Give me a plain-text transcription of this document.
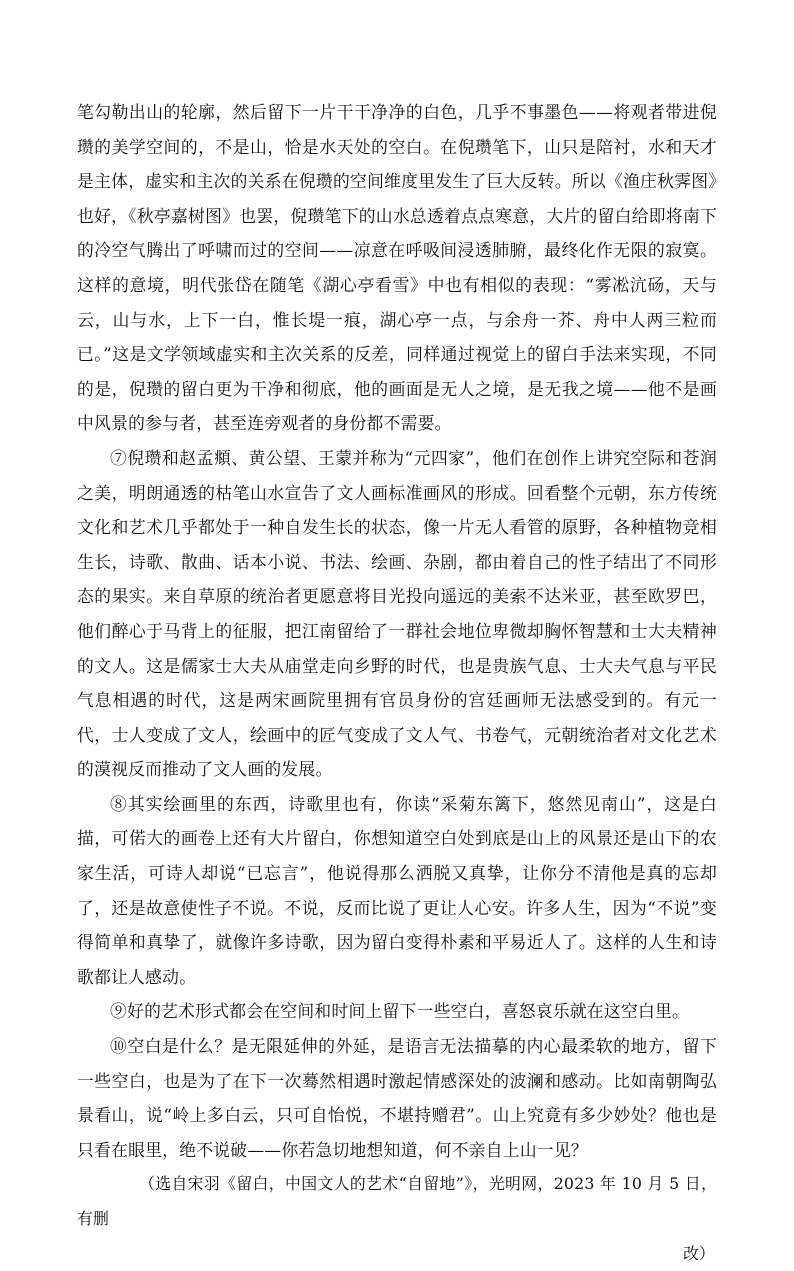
笔勾勒出山的轮廓，然后留下一片干干净净的白色，几乎不事墨色——将观者带进倪瓒的美学空间的，不是山，恰是水天处的空白。在倪瓒笔下，山只是陪衬，水和天才是主体，虚实和主次的关系在倪瓒的空间维度里发生了巨大反转。所以《渔庄秋霁图》也好，《秋亭嘉树图》也罢，倪瓒笔下的山水总透着点点寒意，大片的留白给即将南下的冷空气腾出了呼啸而过的空间——凉意在呼吸间浸透肺腑，最终化作无限的寂寞。这样的意境，明代张岱在随笔《湖心亭看雪》中也有相似的表现：“雾凇沆砀，天与云，山与水，上下一白，惟长堤一痕，湖心亭一点，与余舟一芥、舟中人两三粒而已。”这是文学领域虚实和主次关系的反差，同样通过视觉上的留白手法来实现，不同的是，倪瓒的留白更为干净和彻底，他的画面是无人之境，是无我之境——他不是画中风景的参与者，甚至连旁观者的身份都不需要。

⑦倪瓒和赵孟頫、黄公望、王蒙并称为“元四家”，他们在创作上讲究空际和苍润之美，明朗通透的枯笔山水宣告了文人画标准画风的形成。回看整个元朝，东方传统文化和艺术几乎都处于一种自发生长的状态，像一片无人看管的原野，各种植物竞相生长，诗歌、散曲、话本小说、书法、绘画、杂剧，都由着自己的性子结出了不同形态的果实。来自草原的统治者更愿意将目光投向遥远的美索不达米亚，甚至欧罗巴，他们醉心于马背上的征服，把江南留给了一群社会地位卑微却胸怀智慧和士大夫精神的文人。这是儒家士大夫从庙堂走向乡野的时代，也是贵族气息、士大夫气息与平民气息相遇的时代，这是两宋画院里拥有官员身份的宫廷画师无法感受到的。有元一代，士人变成了文人，绘画中的匠气变成了文人气、书卷气，元朝统治者对文化艺术的漠视反而推动了文人画的发展。

⑧其实绘画里的东西，诗歌里也有，你读“采菊东篱下，悠然见南山”，这是白描，可偌大的画卷上还有大片留白，你想知道空白处到底是山上的风景还是山下的农家生活，可诗人却说“已忘言”，他说得那么洒脱又真挚，让你分不清他是真的忘却了，还是故意使性子不说。不说，反而比说了更让人心安。许多人生，因为“不说”变得简单和真挚了，就像许多诗歌，因为留白变得朴素和平易近人了。这样的人生和诗歌都让人感动。

⑨好的艺术形式都会在空间和时间上留下一些空白，喜怒哀乐就在这空白里。

⑩空白是什么？是无限延伸的外延，是语言无法描摹的内心最柔软的地方，留下一些空白，也是为了在下一次蓦然相遇时激起情感深处的波澜和感动。比如南朝陶弘景看山，说“岭上多白云，只可自怡悦，不堪持赠君”。山上究竟有多少妙处？他也是只看在眼里，绝不说破——你若急切地想知道，何不亲自上山一见？

（选自宋羽《留白，中国文人的艺术“自留地”》，光明网，2023 年 10 月 5 日，有删
改）
